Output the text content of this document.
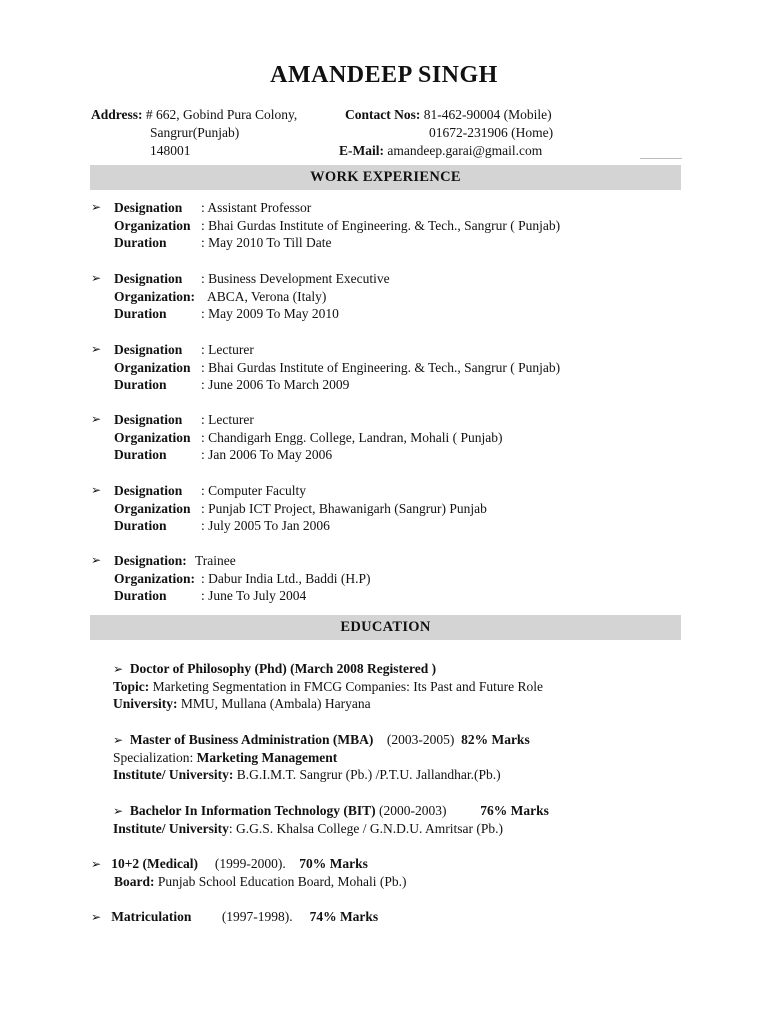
AMANDEEP SINGH
Address: # 662, Gobind Pura Colony,	Contact Nos: 81-462-90004 (Mobile)
Sangrur(Punjab)	01672-231906 (Home)
148001	E-Mail: amandeep.garai@gmail.com
WORK EXPERIENCE
➢ Designation : Assistant Professor
Organization : Bhai Gurdas Institute of Engineering. & Tech., Sangrur ( Punjab)
Duration	: May 2010 To Till Date
➢ Designation : Business Development Executive
Organization: ABCA, Verona (Italy)
Duration	: May 2009 To May 2010
➢ Designation : Lecturer
Organization : Bhai Gurdas Institute of Engineering. & Tech., Sangrur ( Punjab)
Duration	: June 2006 To March 2009
➢ Designation : Lecturer
Organization : Chandigarh Engg. College, Landran, Mohali ( Punjab)
Duration	: Jan 2006 To May 2006
➢ Designation : Computer Faculty
Organization : Punjab ICT Project, Bhawanigarh (Sangrur) Punjab
Duration	: July 2005 To Jan 2006
➢ Designation: Trainee
Organization: : Dabur India Ltd., Baddi (H.P)
Duration	: June To July 2004
EDUCATION
➢ Doctor of Philosophy (Phd) (March 2008 Registered )
Topic: Marketing Segmentation in FMCG Companies: Its Past and Future Role
University: MMU, Mullana (Ambala) Haryana
➢ Master of Business Administration (MBA) (2003-2005) 82% Marks
Specialization: Marketing Management
Institute/ University: B.G.I.M.T. Sangrur (Pb.) /P.T.U. Jallandhar.(Pb.)
➢ Bachelor In Information Technology (BIT) (2000-2003)	76% Marks
Institute/ University: G.G.S. Khalsa College / G.N.D.U. Amritsar (Pb.)
➢ 10+2 (Medical) (1999-2000). 70% Marks
Board: Punjab School Education Board, Mohali (Pb.)
➢ Matriculation (1997-1998). 74% Marks
